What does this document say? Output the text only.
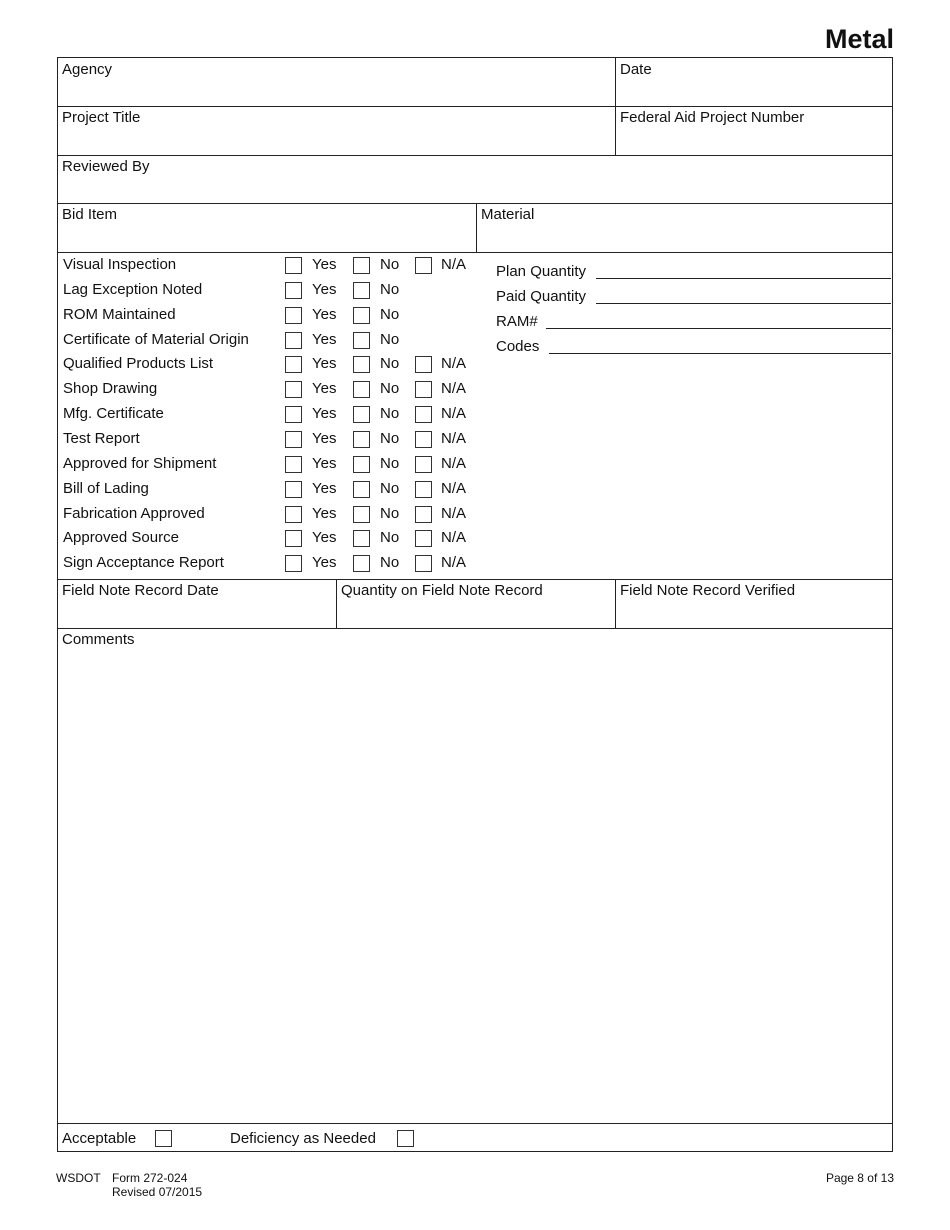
Metal
Agency	Date
Project Title	Federal Aid Project Number
Reviewed By
Bid Item	Material
Visual Inspection	Yes	No	N/A
Lag Exception Noted	Yes	No
ROM Maintained	Yes	No
Certificate of Material Origin	Yes	No
Qualified Products List	Yes	No	N/A
Shop Drawing	Yes	No	N/A
Mfg. Certificate	Yes	No	N/A
Test Report	Yes	No	N/A
Approved for Shipment	Yes	No	N/A
Bill of Lading	Yes	No	N/A
Fabrication Approved	Yes	No	N/A
Approved Source	Yes	No	N/A
Sign Acceptance Report	Yes	No	N/A
Plan Quantity
Paid Quantity
RAM#
Codes
Field Note Record Date	Quantity on Field Note Record	Field Note Record Verified
Comments
Acceptable	Deficiency as Needed
WSDOT Form 272-024
Revised 07/2015
Page 8 of 13
